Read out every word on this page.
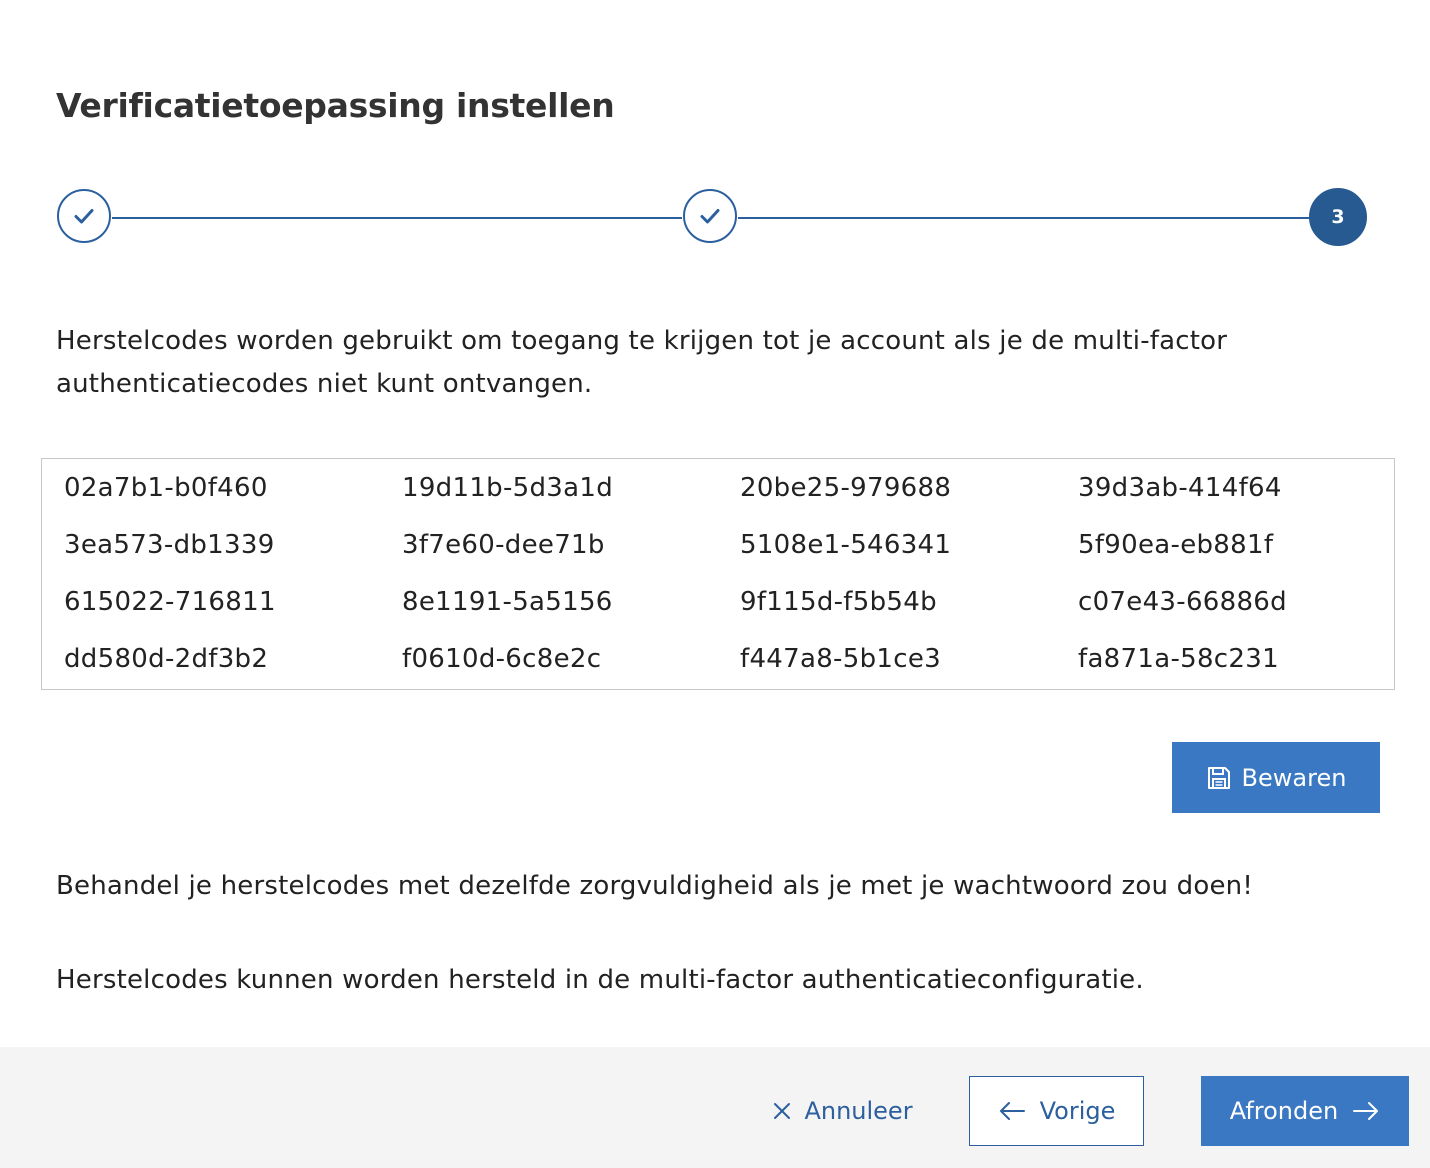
Verificatietoepassing instellen
3

Herstelcodes worden gebruikt om toegang te krijgen tot je account als je de multi-factor authenticatiecodes niet kunt ontvangen.

02a7b1-b0f460	19d11b-5d3a1d	20be25-979688	39d3ab-414f64
3ea573-db1339	3f7e60-dee71b	5108e1-546341	5f90ea-eb881f
615022-716811	8e1191-5a5156	9f115d-f5b54b	c07e43-66886d
dd580d-2df3b2	f0610d-6c8e2c	f447a8-5b1ce3	fa871a-58c231
Bewaren

Behandel je herstelcodes met dezelfde zorgvuldigheid als je met je wachtwoord zou doen!

Herstelcodes kunnen worden hersteld in de multi-factor authenticatieconfiguratie.

Annuleer	Vorige	Afronden
